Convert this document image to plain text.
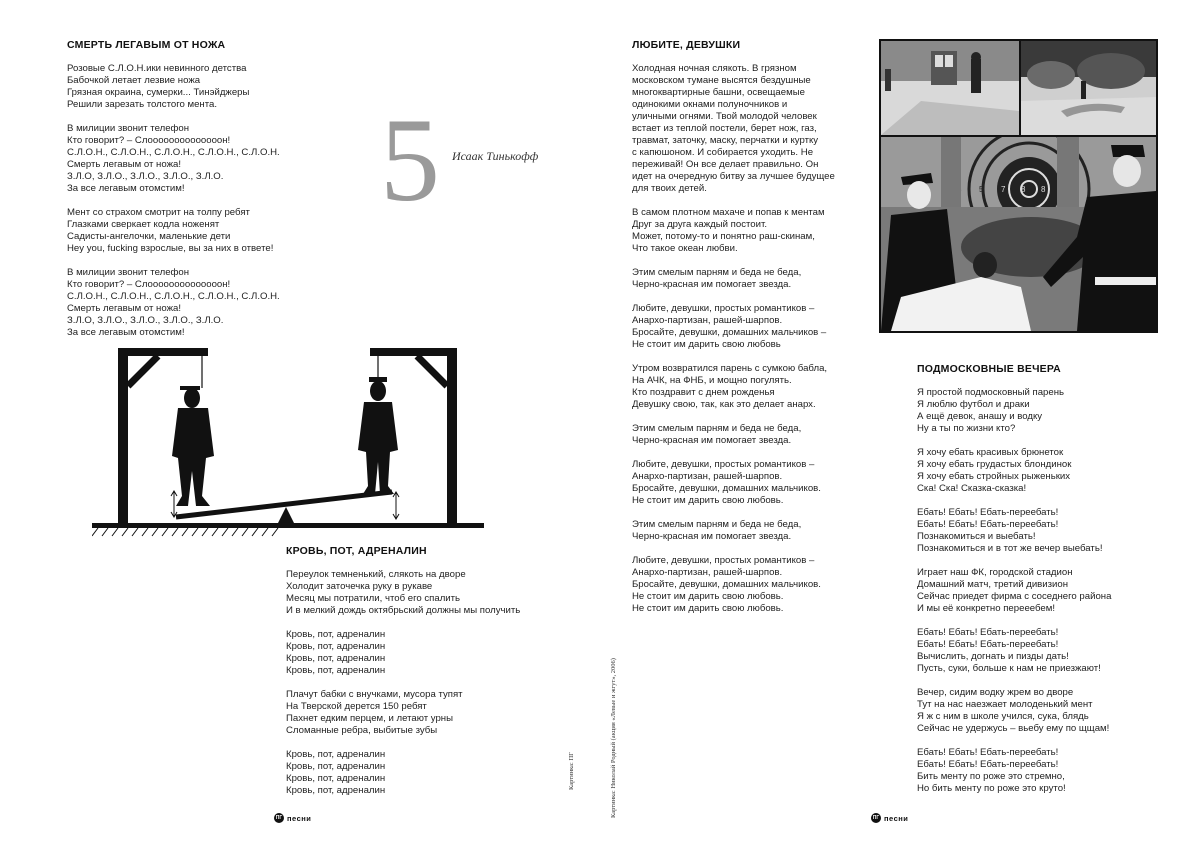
СМЕРТЬ ЛЕГАВЫМ ОТ НОЖА
Розовые С.Л.О.Н.ики невинного детства
Бабочкой летает лезвие ножа
Грязная окраина, сумерки... Тинэйджеры
Решили зарезать толстого мента.
В милиции звонит телефон
Кто говорит? – Слоооооооооооооон!
С.Л.О.Н., С.Л.О.Н., С.Л.О.Н., С.Л.О.Н., С.Л.О.Н.
Смерть легавым от ножа!
З.Л.О, З.Л.О., З.Л.О., З.Л.О., З.Л.О.
За все легавым отомстим!
Мент со страхом смотрит на толпу ребят
Глазками сверкает кодла ноженят
Садисты-ангелочки, маленькие дети
Hey you, fucking взрослые, вы за них в ответе!
В милиции звонит телефон
Кто говорит? – Слоооооооооооооон!
С.Л.О.Н., С.Л.О.Н., С.Л.О.Н., С.Л.О.Н., С.Л.О.Н.
Смерть легавым от ножа!
З.Л.О, З.Л.О., З.Л.О., З.Л.О., З.Л.О.
За все легавым отомстим!
5 Исаак Тинькофф
КРОВЬ, ПОТ, АДРЕНАЛИН
Переулок темненький, слякоть на дворе
Холодит заточечка руку в рукаве
Месяц мы потратили, чтоб его спалить
И в мелкий дождь октябрьский должны мы получить
Кровь, пот, адреналин
Кровь, пот, адреналин
Кровь, пот, адреналин
Кровь, пот, адреналин
Плачут бабки с внучками, мусора тупят
На Тверской дерется 150 ребят
Пахнет едким перцем, и летают урны
Сломанные ребра, выбитые зубы
Кровь, пот, адреналин
Кровь, пот, адреналин
Кровь, пот, адреналин
Кровь, пот, адреналин
Картинка: ПГ	Картинка: Николай Родный (акция «Левые и жгут», 2006)
ПГ песни
ЛЮБИТЕ, ДЕВУШКИ
Холодная ночная слякоть. В грязном
московском тумане высятся бездушные
многоквартирные башни, освещаемые
одинокими окнами полуночников и
уличными огнями. Твой молодой человек
встает из теплой постели, берет нож, газ,
травмат, заточку, маску, перчатки и куртку
с капюшоном. И собирается уходить. Не
переживай! Он все делает правильно. Он
идет на очередную битву за лучшее будущее
для твоих детей.
В самом плотном махаче и попав к ментам
Друг за друга каждый постоит.
Может, потому-то и понятно раш-скинам,
Что такое океан любви.
Этим смелым парням и беда не беда,
Черно-красная им помогает звезда.
Любите, девушки, простых романтиков –
Анархо-партизан, рашей-шарпов.
Бросайте, девушки, домашних мальчиков –
Не стоит им дарить свою любовь
Утром возвратился парень с сумкою бабла,
На АЧК, на ФНБ, и мощно погулять.
Кто поздравит с днем рожденья
Девушку свою, так, как это делает анарх.
Этим смелым парням и беда не беда,
Черно-красная им помогает звезда.
Любите, девушки, простых романтиков –
Анархо-партизан, рашей-шарпов.
Бросайте, девушки, домашних мальчиков.
Не стоит им дарить свою любовь.
Этим смелым парням и беда не беда,
Черно-красная им помогает звезда.
Любите, девушки, простых романтиков –
Анархо-партизан, рашей-шарпов.
Бросайте, девушки, домашних мальчиков.
Не стоит им дарить свою любовь.
Не стоит им дарить свою любовь.
5 7 8 8
ПОДМОСКОВНЫЕ ВЕЧЕРА
Я простой подмосковный парень
Я люблю футбол и драки
А ещё девок, анашу и водку
Ну а ты по жизни кто?
Я хочу ебать красивых брюнеток
Я хочу ебать грудастых блондинок
Я хочу ебать стройных рыженьких
Ска! Ска! Сказка-сказка!
Ебать! Ебать! Ебать-переебать!
Ебать! Ебать! Ебать-переебать!
Познакомиться и выебать!
Познакомиться и в тот же вечер выебать!
Играет наш ФК, городской стадион
Домашний матч, третий дивизион
Сейчас приедет фирма с соседнего района
И мы её конкретно перееебем!
Ебать! Ебать! Ебать-переебать!
Ебать! Ебать! Ебать-переебать!
Вычислить, догнать и пизды дать!
Пусть, суки, больше к нам не приезжают!
Вечер, сидим водку жрем во дворе
Тут на нас наезжает молоденький мент
Я ж с ним в школе учился, сука, блядь
Сейчас не удержусь – вьебу ему по щщам!
Ебать! Ебать! Ебать-переебать!
Ебать! Ебать! Ебать-переебать!
Бить менту по роже это стремно,
Но бить менту по роже это круто!
ПГ песни
